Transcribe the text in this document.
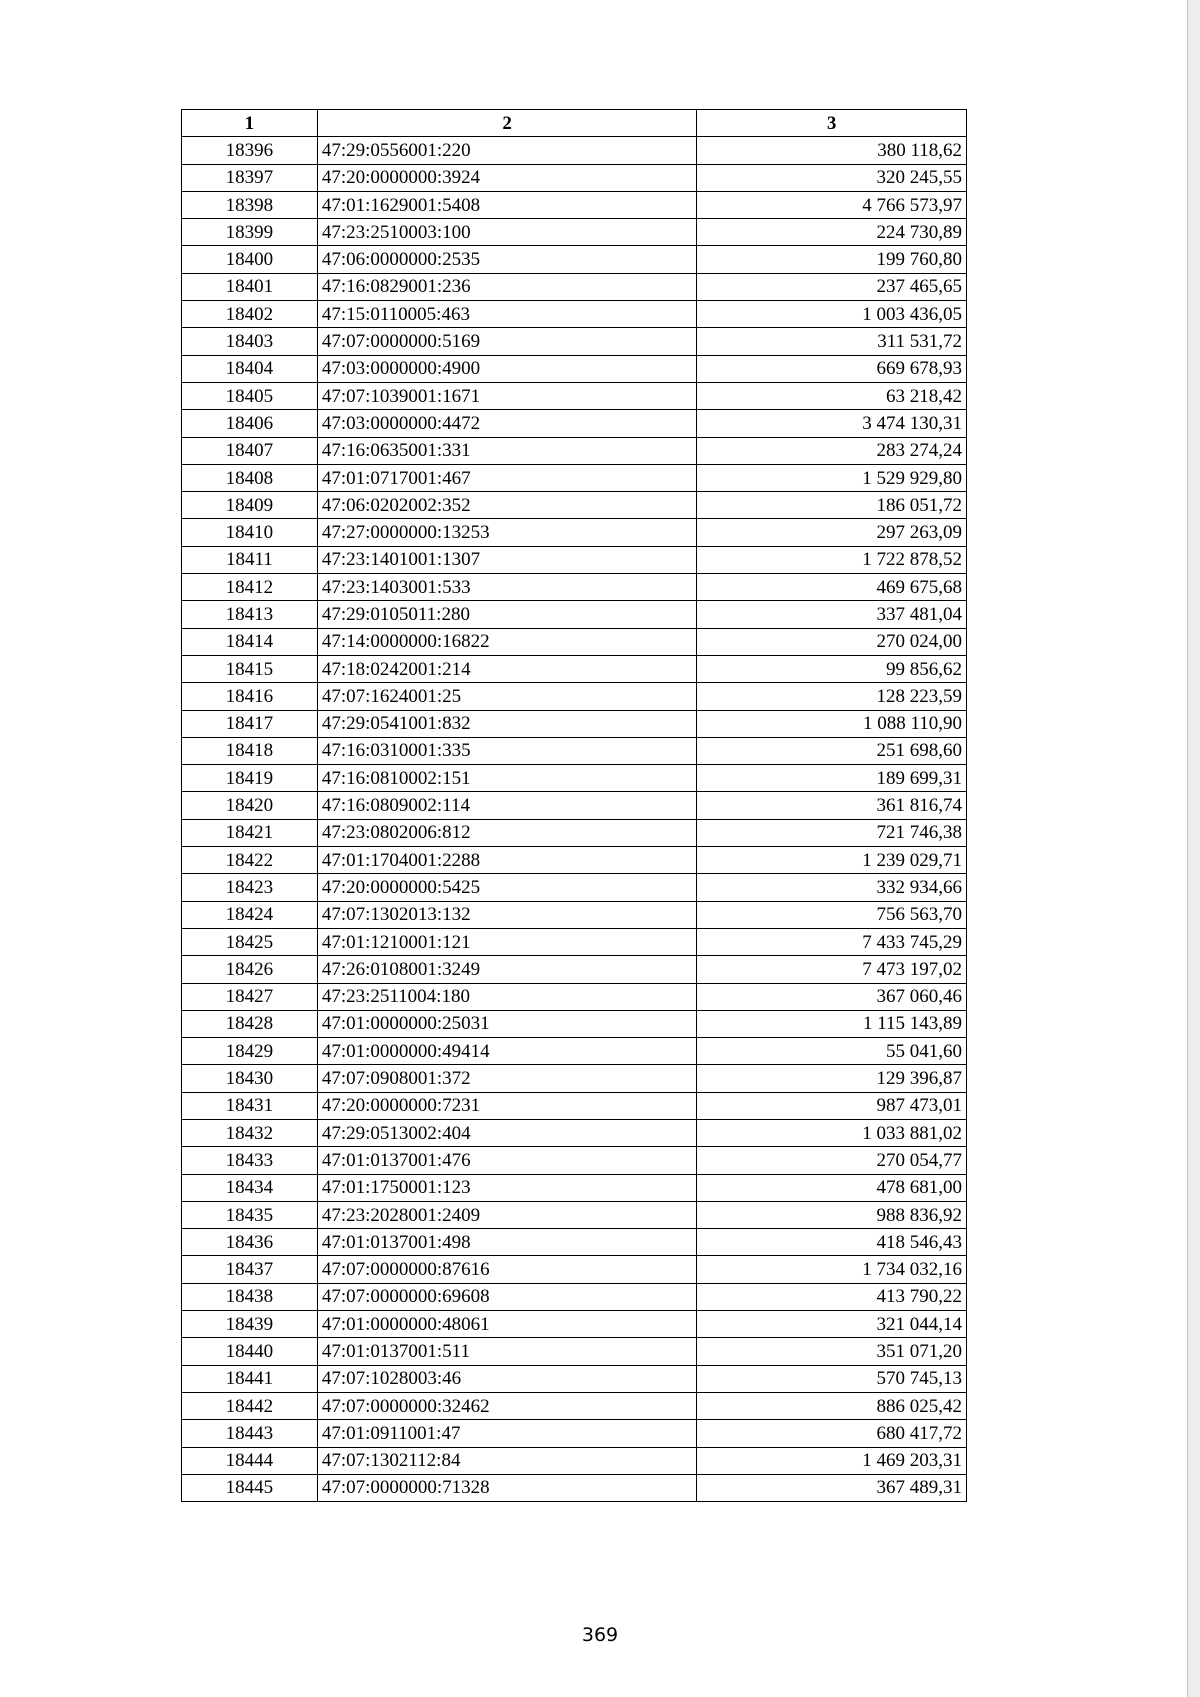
1	2	3
18396	47:29:0556001:220	380 118,62
18397	47:20:0000000:3924	320 245,55
18398	47:01:1629001:5408	4 766 573,97
18399	47:23:2510003:100	224 730,89
18400	47:06:0000000:2535	199 760,80
18401	47:16:0829001:236	237 465,65
18402	47:15:0110005:463	1 003 436,05
18403	47:07:0000000:5169	311 531,72
18404	47:03:0000000:4900	669 678,93
18405	47:07:1039001:1671	63 218,42
18406	47:03:0000000:4472	3 474 130,31
18407	47:16:0635001:331	283 274,24
18408	47:01:0717001:467	1 529 929,80
18409	47:06:0202002:352	186 051,72
18410	47:27:0000000:13253	297 263,09
18411	47:23:1401001:1307	1 722 878,52
18412	47:23:1403001:533	469 675,68
18413	47:29:0105011:280	337 481,04
18414	47:14:0000000:16822	270 024,00
18415	47:18:0242001:214	99 856,62
18416	47:07:1624001:25	128 223,59
18417	47:29:0541001:832	1 088 110,90
18418	47:16:0310001:335	251 698,60
18419	47:16:0810002:151	189 699,31
18420	47:16:0809002:114	361 816,74
18421	47:23:0802006:812	721 746,38
18422	47:01:1704001:2288	1 239 029,71
18423	47:20:0000000:5425	332 934,66
18424	47:07:1302013:132	756 563,70
18425	47:01:1210001:121	7 433 745,29
18426	47:26:0108001:3249	7 473 197,02
18427	47:23:2511004:180	367 060,46
18428	47:01:0000000:25031	1 115 143,89
18429	47:01:0000000:49414	55 041,60
18430	47:07:0908001:372	129 396,87
18431	47:20:0000000:7231	987 473,01
18432	47:29:0513002:404	1 033 881,02
18433	47:01:0137001:476	270 054,77
18434	47:01:1750001:123	478 681,00
18435	47:23:2028001:2409	988 836,92
18436	47:01:0137001:498	418 546,43
18437	47:07:0000000:87616	1 734 032,16
18438	47:07:0000000:69608	413 790,22
18439	47:01:0000000:48061	321 044,14
18440	47:01:0137001:511	351 071,20
18441	47:07:1028003:46	570 745,13
18442	47:07:0000000:32462	886 025,42
18443	47:01:0911001:47	680 417,72
18444	47:07:1302112:84	1 469 203,31
18445	47:07:0000000:71328	367 489,31
369
